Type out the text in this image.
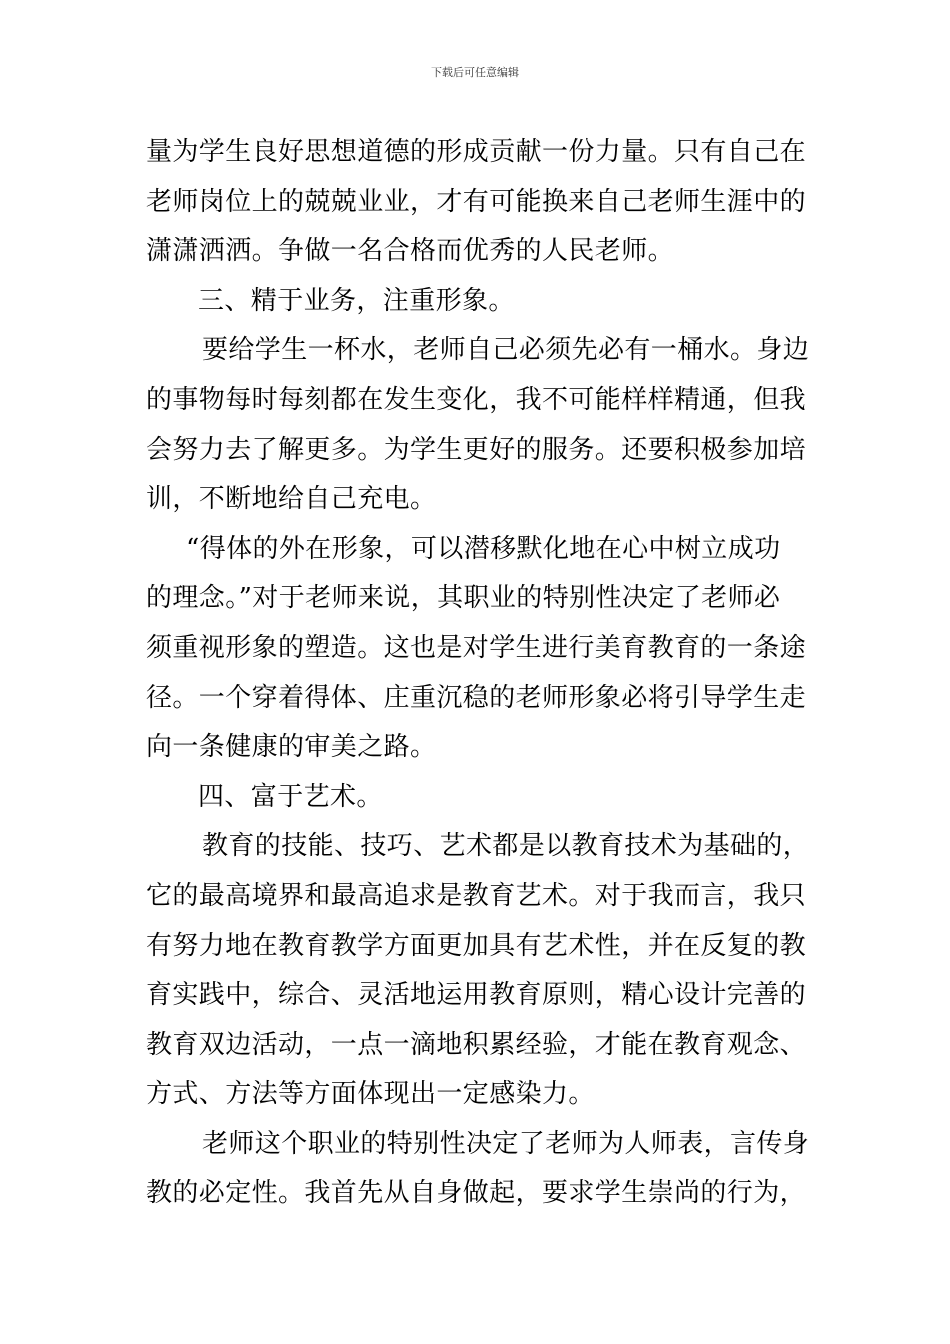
下载后可任意编辑
量为学生良好思想道德的形成贡献一份力量。只有自己在
老师岗位上的兢兢业业，才有可能换来自己老师生涯中的
潇潇洒洒。争做一名合格而优秀的人民老师。
三、精于业务，注重形象。
要给学生一杯水，老师自己必须先必有一桶水。身边
的事物每时每刻都在发生变化，我不可能样样精通，但我
会努力去了解更多。为学生更好的服务。还要积极参加培
训，不断地给自己充电。
“得体的外在形象，可以潜移默化地在心中树立成功
的理念。”对于老师来说，其职业的特别性决定了老师必
须重视形象的塑造。这也是对学生进行美育教育的一条途
径。一个穿着得体、庄重沉稳的老师形象必将引导学生走
向一条健康的审美之路。
四、富于艺术。
教育的技能、技巧、艺术都是以教育技术为基础的，
它的最高境界和最高追求是教育艺术。对于我而言，我只
有努力地在教育教学方面更加具有艺术性，并在反复的教
育实践中，综合、灵活地运用教育原则，精心设计完善的
教育双边活动，一点一滴地积累经验，才能在教育观念、
方式、方法等方面体现出一定感染力。
老师这个职业的特别性决定了老师为人师表，言传身
教的必定性。我首先从自身做起，要求学生崇尚的行为，
